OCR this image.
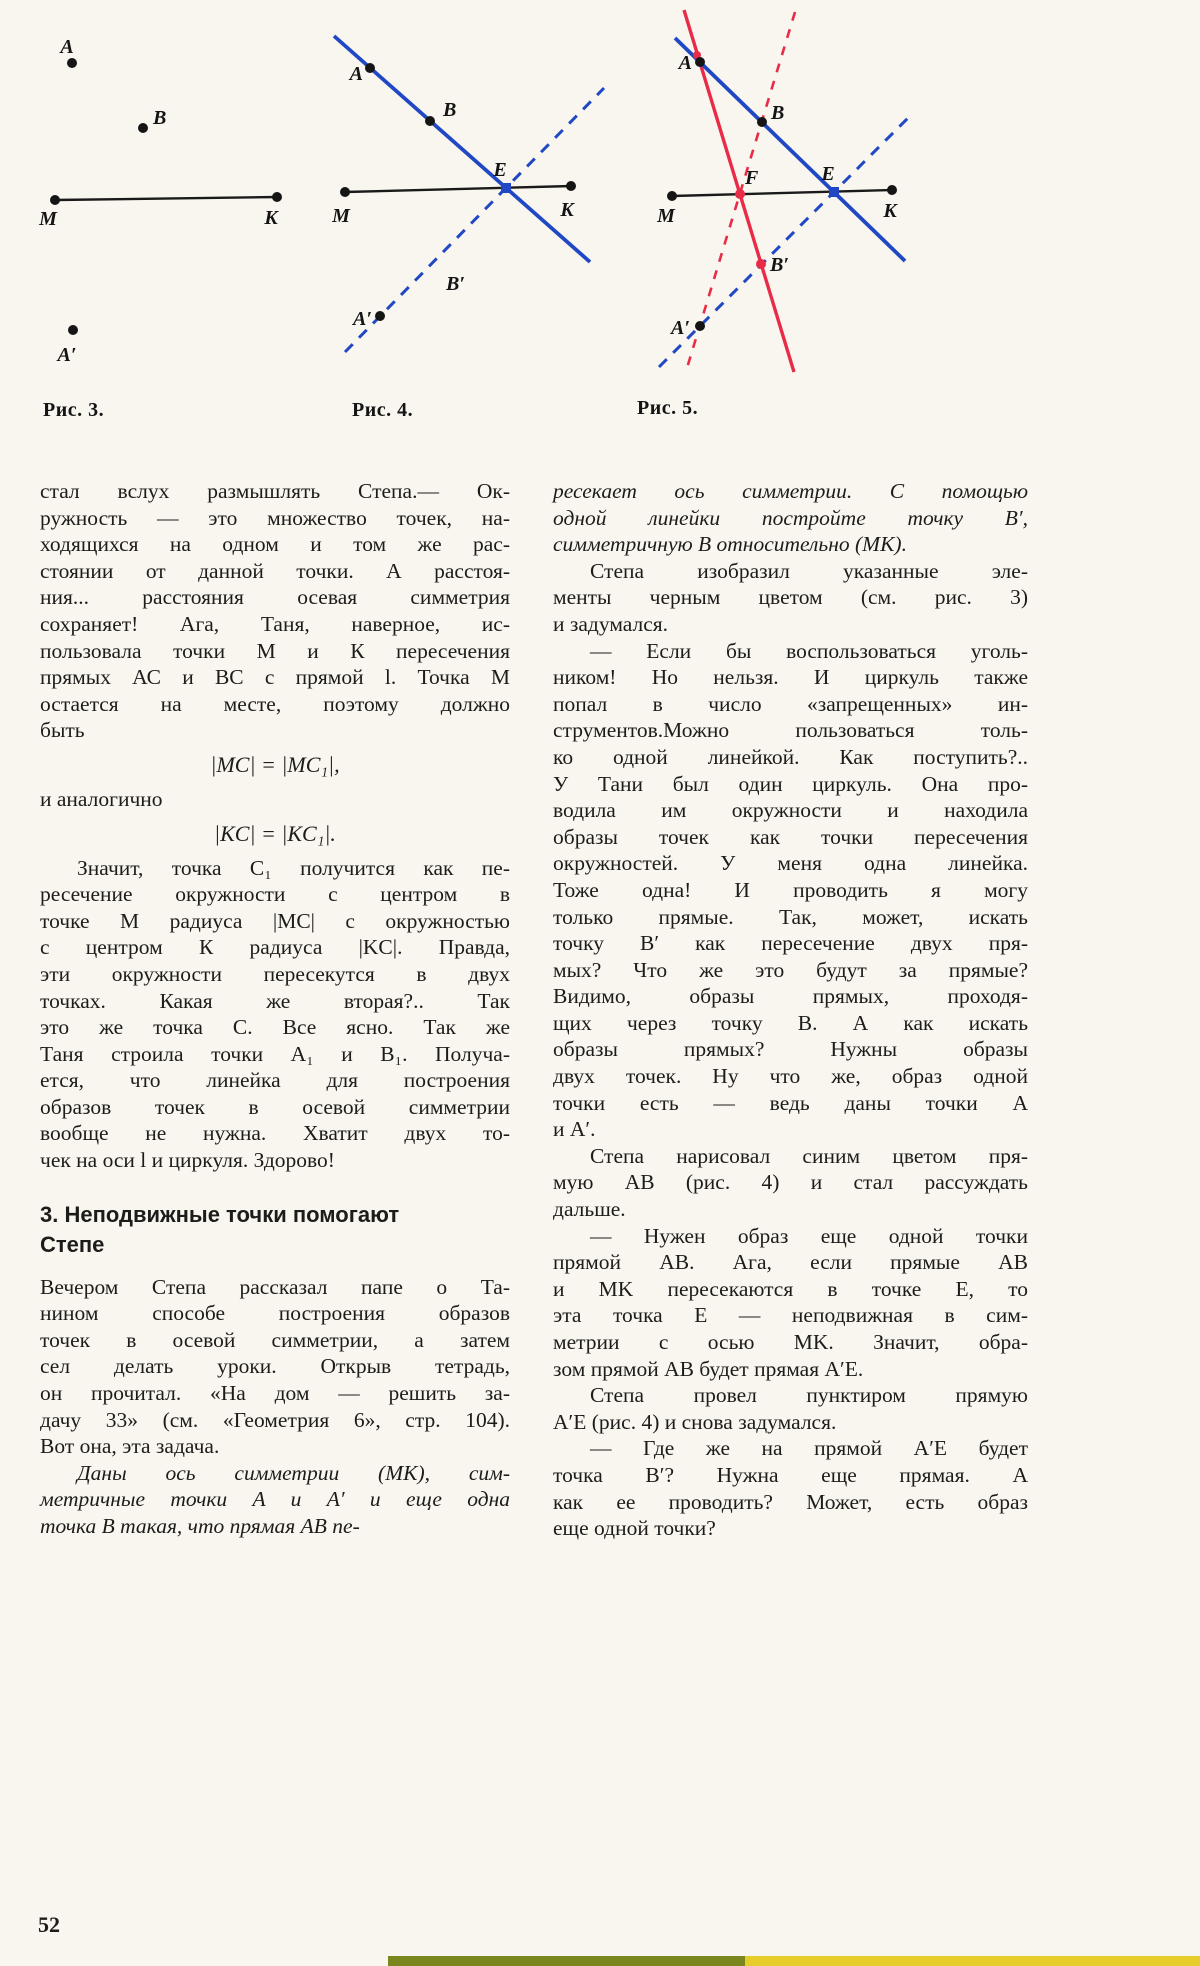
A
B
M	K
A′
Рис. 3.
A
B
E
M	K
A′
B′
Рис. 4.
A
B
E
F
M	K
A′
B′
Рис. 5.
стал вслух размышлять Степа.— Ок-
ружность — это множество точек, на-
ходящихся на одном и том же рас-
стоянии от данной точки. А расстоя-
ния... расстояния осевая симметрия
сохраняет! Ага, Таня, наверное, ис-
пользовала точки М и К пересечения
прямых АС и ВС с прямой l. Точка М
остается на месте, поэтому должно
быть
|MC| = |MC₁|,
и аналогично
|KC| = |KC₁|.
Значит, точка C₁ получится как пе-
ресечение окружности с центром в
точке М радиуса |MC| с окружностью
с центром К радиуса |KC|. Правда,
эти окружности пересекутся в двух
точках. Какая же вторая?.. Так
это же точка С. Все ясно. Так же
Таня строила точки A₁ и B₁. Получа-
ется, что линейка для построения
образов точек в осевой симметрии
вообще не нужна. Хватит двух то-
чек на оси l и циркуля. Здорово!
3. Неподвижные точки помогают
Степе
Вечером Степа рассказал папе о Та-
нином способе построения образов
точек в осевой симметрии, а затем
сел делать уроки. Открыв тетрадь,
он прочитал. «На дом — решить за-
дачу 33» (см. «Геометрия 6», стр. 104).
Вот она, эта задача.
Даны ось симметрии (MK), сим-
метричные точки A и A′ и еще одна
точка B такая, что прямая AB пе-
ресекает ось симметрии. С помощью
одной линейки постройте точку B′,
симметричную B относительно (MK).
Степа изобразил указанные эле-
менты черным цветом (см. рис. 3)
и задумался.
— Если бы воспользоваться уголь-
ником! Но нельзя. И циркуль также
попал в число «запрещенных» ин-
струментов.Можно пользоваться толь-
ко одной линейкой. Как поступить?..
У Тани был один циркуль. Она про-
водила им окружности и находила
образы точек как точки пересечения
окружностей. У меня одна линейка.
Тоже одна! И проводить я могу
только прямые. Так, может, искать
точку B′ как пересечение двух пря-
мых? Что же это будут за прямые?
Видимо, образы прямых, проходя-
щих через точку B. А как искать
образы прямых? Нужны образы
двух точек. Ну что же, образ одной
точки есть — ведь даны точки A
и A′.
Степа нарисовал синим цветом пря-
мую AB (рис. 4) и стал рассуждать
дальше.
— Нужен образ еще одной точки
прямой AB. Ага, если прямые AB
и MK пересекаются в точке E, то
эта точка E — неподвижная в сим-
метрии с осью MK. Значит, обра-
зом прямой AB будет прямая A′E.
Степа провел пунктиром прямую
A′E (рис. 4) и снова задумался.
— Где же на прямой A′E будет
точка B′? Нужна еще прямая. А
как ее проводить? Может, есть образ
еще одной точки?
52
